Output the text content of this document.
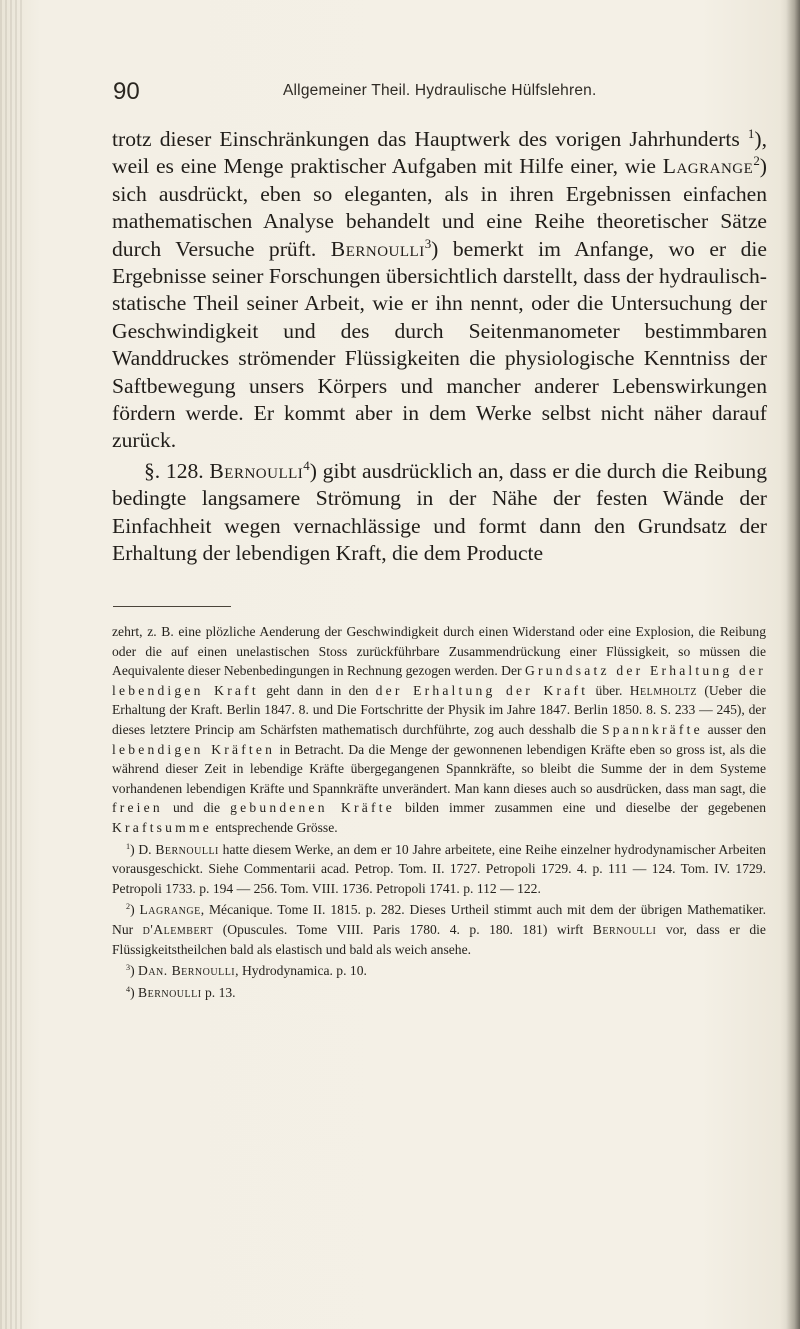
90	Allgemeiner Theil. Hydraulische Hülfslehren.

trotz dieser Einschränkungen das Hauptwerk des vorigen Jahrhunderts $^1$), weil es eine Menge praktischer Aufgaben mit Hilfe einer, wie Lagrange$^2$) sich ausdrückt, eben so eleganten, als in ihren Ergebnissen einfachen mathematischen Analyse behandelt und eine Reihe theoretischer Sätze durch Versuche prüft. Bernoulli$^3$) bemerkt im Anfange, wo er die Ergebnisse seiner Forschungen übersichtlich darstellt, dass der hydraulisch-statische Theil seiner Arbeit, wie er ihn nennt, oder die Untersuchung der Geschwindigkeit und des durch Seitenmanometer bestimmbaren Wanddruckes strömender Flüssigkeiten die physiologische Kenntniss der Saftbewegung unsers Körpers und mancher anderer Lebenswirkungen fördern werde. Er kommt aber in dem Werke selbst nicht näher darauf zurück.

§. 128. Bernoulli$^4$) gibt ausdrücklich an, dass er die durch die Reibung bedingte langsamere Strömung in der Nähe der festen Wände der Einfachheit wegen vernachlässige und formt dann den Grundsatz der Erhaltung der lebendigen Kraft, die dem Producte

zehrt, z. B. eine plözliche Aenderung der Geschwindigkeit durch einen Widerstand oder eine Explosion, die Reibung oder die auf einen unelastischen Stoss zurückführbare Zusammendrückung einer Flüssigkeit, so müssen die Aequivalente dieser Nebenbedingungen in Rechnung gezogen werden. Der Grundsatz der Erhaltung der lebendigen Kraft geht dann in den der Erhaltung der Kraft über. Helmholtz (Ueber die Erhaltung der Kraft. Berlin 1847. 8. und Die Fortschritte der Physik im Jahre 1847. Berlin 1850. 8. S. 233 — 245), der dieses letztere Princip am Schärfsten mathematisch durchführte, zog auch desshalb die Spannkräfte ausser den lebendigen Kräften in Betracht. Da die Menge der gewonnenen lebendigen Kräfte eben so gross ist, als die während dieser Zeit in lebendige Kräfte übergegangenen Spannkräfte, so bleibt die Summe der in dem Systeme vorhandenen lebendigen Kräfte und Spannkräfte unverändert. Man kann dieses auch so ausdrücken, dass man sagt, die freien und die gebundenen Kräfte bilden immer zusammen eine und dieselbe der gegebenen Kraftsumme entsprechende Grösse.

$^1$) D. Bernoulli hatte diesem Werke, an dem er 10 Jahre arbeitete, eine Reihe einzelner hydrodynamischer Arbeiten vorausgeschickt. Siehe Commentarii acad. Petrop. Tom. II. 1727. Petropoli 1729. 4. p. 111 — 124. Tom. IV. 1729. Petropoli 1733. p. 194 — 256. Tom. VIII. 1736. Petropoli 1741. p. 112 — 122.

$^2$) Lagrange, Mécanique. Tome II. 1815. p. 282. Dieses Urtheil stimmt auch mit dem der übrigen Mathematiker. Nur d'Alembert (Opuscules. Tome VIII. Paris 1780. 4. p. 180. 181) wirft Bernoulli vor, dass er die Flüssigkeitstheilchen bald als elastisch und bald als weich ansehe.

$^3$) Dan. Bernoulli, Hydrodynamica. p. 10.

$^4$) Bernoulli p. 13.
